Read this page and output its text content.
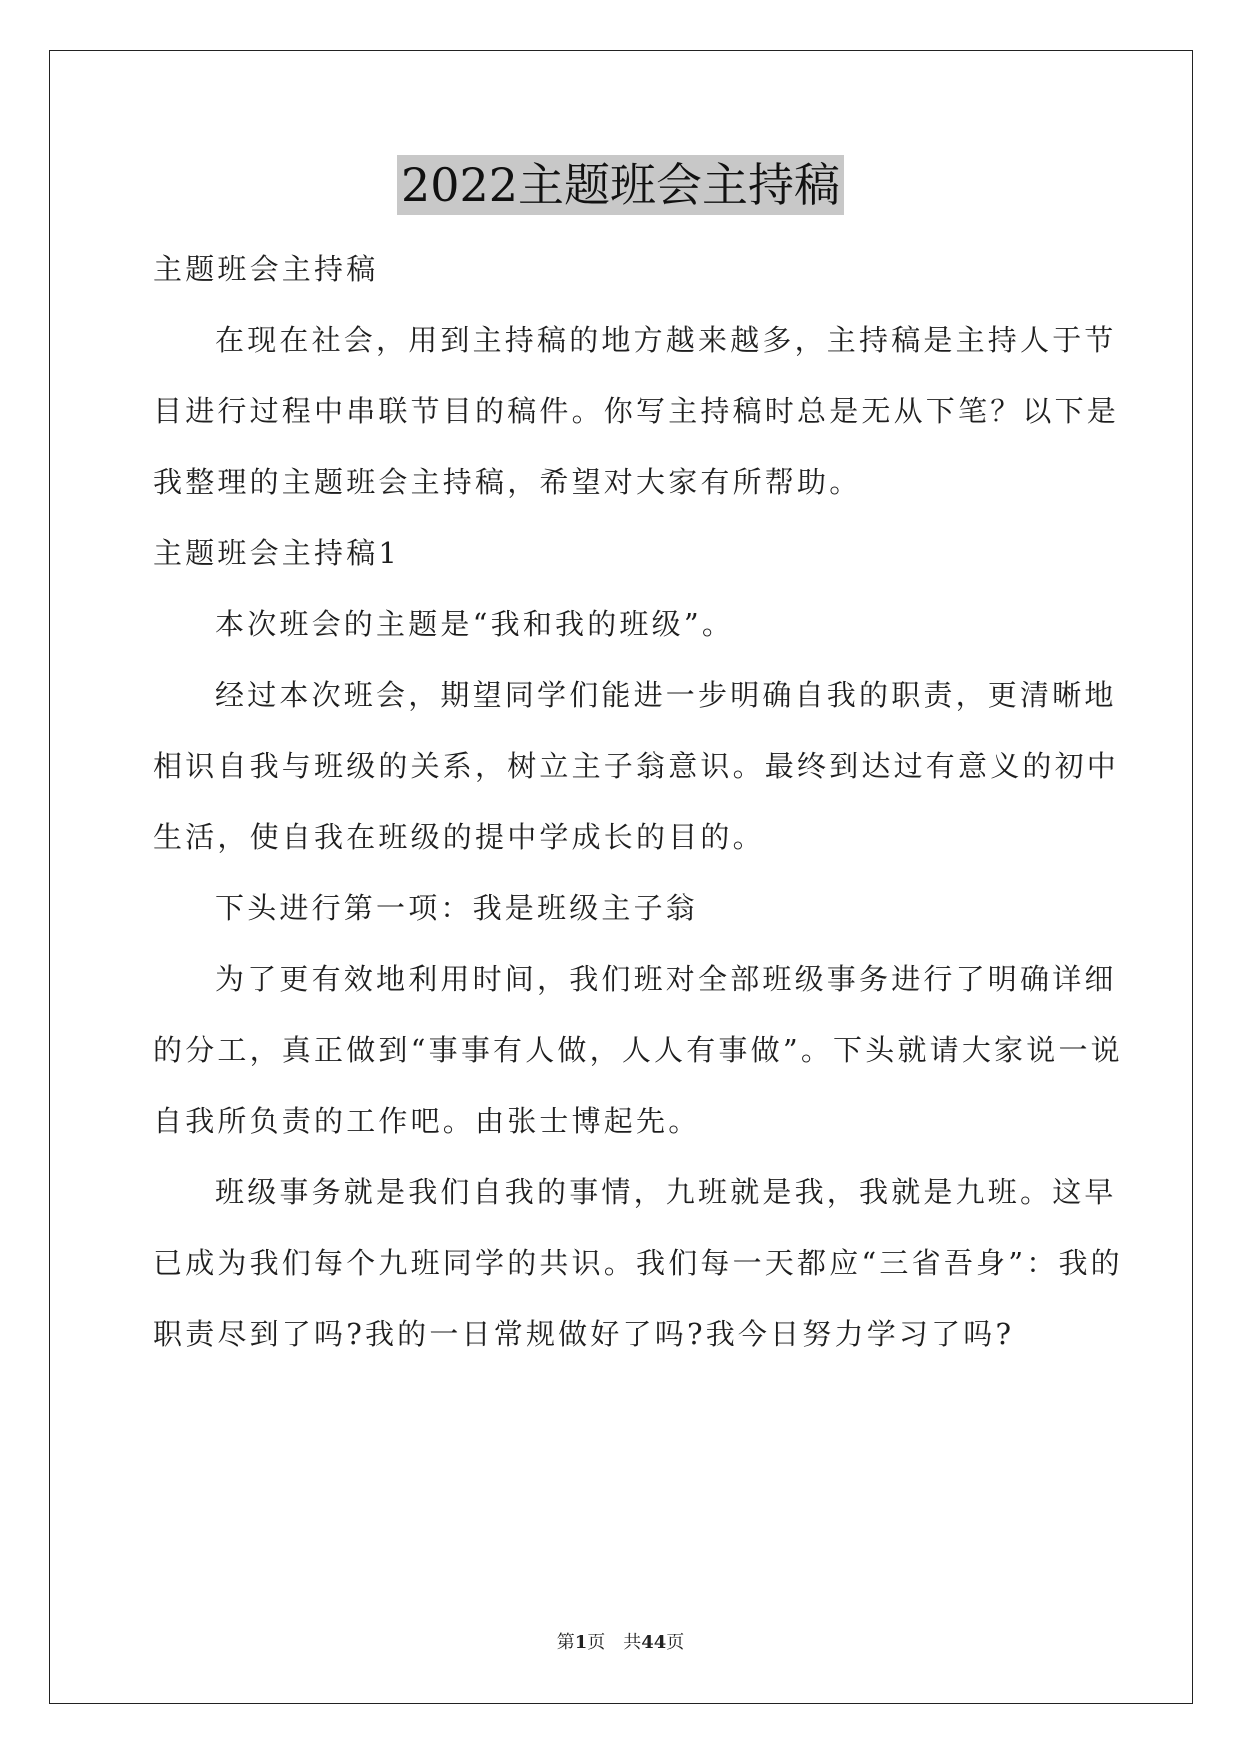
2022主题班会主持稿
主题班会主持稿
在现在社会，用到主持稿的地方越来越多，主持稿是主持人于节
目进行过程中串联节目的稿件。你写主持稿时总是无从下笔？以下是
我整理的主题班会主持稿，希望对大家有所帮助。
主题班会主持稿1
本次班会的主题是“我和我的班级”。
经过本次班会，期望同学们能进一步明确自我的职责，更清晰地
相识自我与班级的关系，树立主子翁意识。最终到达过有意义的初中
生活，使自我在班级的提中学成长的目的。
下头进行第一项：我是班级主子翁
为了更有效地利用时间，我们班对全部班级事务进行了明确详细
的分工，真正做到“事事有人做，人人有事做”。下头就请大家说一说
自我所负责的工作吧。由张士博起先。
班级事务就是我们自我的事情，九班就是我，我就是九班。这早
已成为我们每个九班同学的共识。我们每一天都应“三省吾身”：我的
职责尽到了吗?我的一日常规做好了吗?我今日努力学习了吗?
第1页　共44页
